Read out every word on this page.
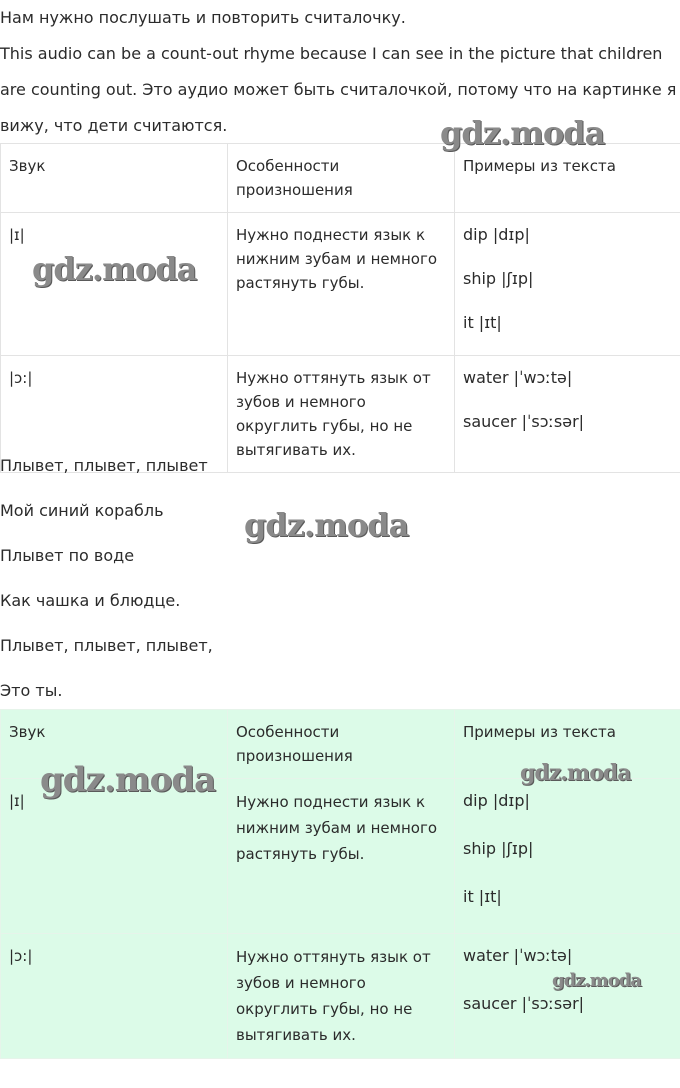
Нам нужно послушать и повторить считалочку.

This audio can be a count-out rhyme because I can see in the picture that children

are counting out. Это аудио может быть считалочкой, потому что на картинке я

вижу, что дети считаются.

Звук	Особенности произношения	Примеры из текста
|ɪ|	Нужно поднести язык к нижним зубам и немного растянуть губы.	dip |dɪp|
ship |ʃɪp|
it |ɪt|

|ɔ:|	Нужно оттянуть язык от зубов и немного округлить губы, но не вытягивать их.	water |ˈwɔːtə|
saucer |ˈsɔːsər|

Плывет, плывет, плывет

Мой синий корабль

Плывет по воде

Как чашка и блюдце.

Плывет, плывет, плывет,

Это ты.

Звук	Особенности произношения	Примеры из текста
|ɪ|	Нужно поднести язык к нижним зубам и немного растянуть губы.	dip |dɪp|
ship |ʃɪp|
it |ɪt|

|ɔ:|	Нужно оттянуть язык от зубов и немного округлить губы, но не вытягивать их.	water |ˈwɔːtə|
saucer |ˈsɔːsər|
gdz.moda
gdz.moda
gdz.moda
gdz.moda	gdz.moda
gdz.moda
